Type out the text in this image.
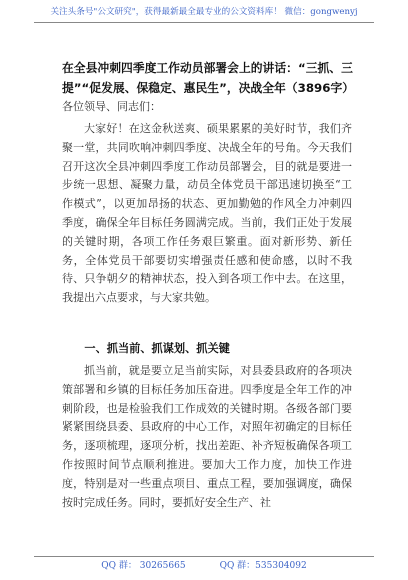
关注头条号"公文研究"，获得最新最全最专业的公文资料库！ 微信：gongwenyj
在全县冲刺四季度工作动员部署会上的讲话：“三抓、三提”“促发展、保稳定、惠民生”，决战全年（3896字）
各位领导、同志们：
大家好！在这金秋送爽、硕果累累的美好时节，我们齐聚一堂，共同吹响冲刺四季度、决战全年的号角。今天我们召开这次全县冲刺四季度工作动员部署会，目的就是要进一步统一思想、凝聚力量，动员全体党员干部迅速切换至“工作模式”，以更加昂扬的状态、更加勤勉的作风全力冲刺四季度，确保全年目标任务圆满完成。当前，我们正处于发展的关键时期，各项工作任务艰巨繁重。面对新形势、新任务，全体党员干部要切实增强责任感和使命感，以时不我待、只争朝夕的精神状态，投入到各项工作中去。在这里，我提出六点要求，与大家共勉。
一、抓当前、抓谋划、抓关键
抓当前，就是要立足当前实际，对县委县政府的各项决策部署和乡镇的目标任务加压奋进。四季度是全年工作的冲刺阶段，也是检验我们工作成效的关键时期。各级各部门要紧紧围绕县委、县政府的中心工作，对照年初确定的目标任务，逐项梳理，逐项分析，找出差距、补齐短板确保各项工作按照时间节点顺利推进。要加大工作力度，加快工作进度，特别是对一些重点项目、重点工程，要加强调度，确保按时完成任务。同时，要抓好安全生产、社
QQ 群： 30265665	QQ 群：535304092
